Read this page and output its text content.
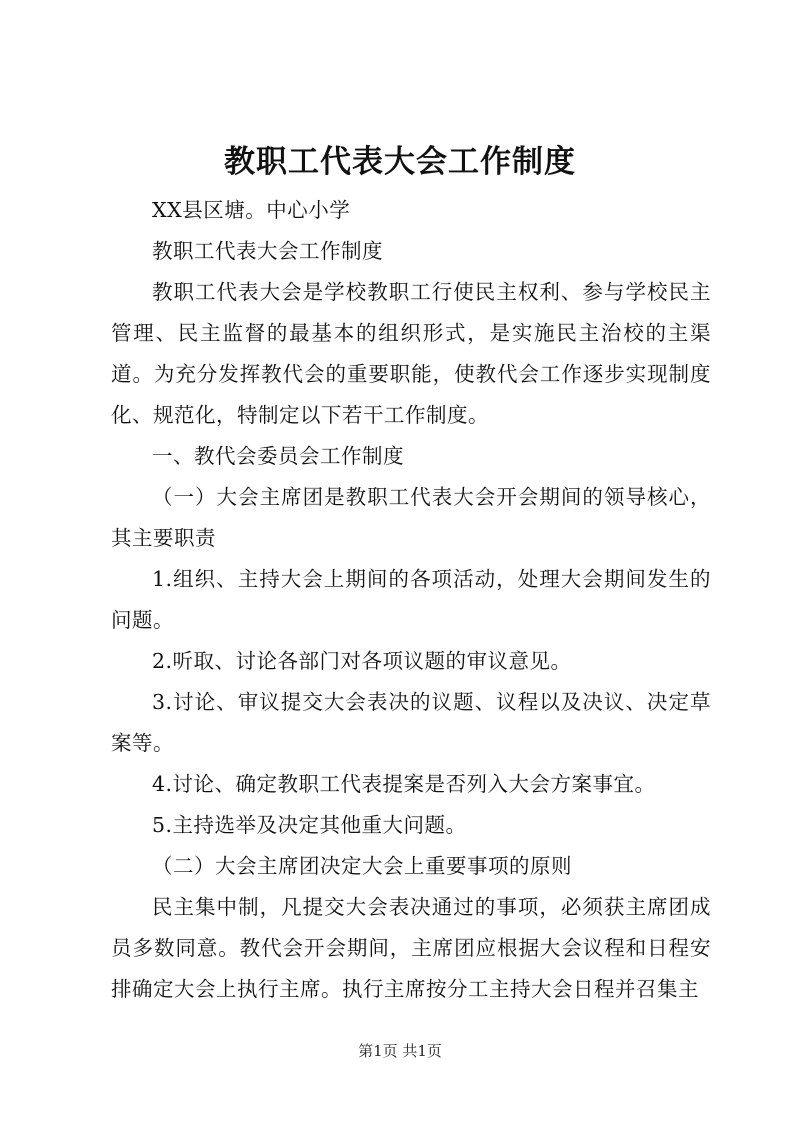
教职工代表大会工作制度

XX县区塘。中心小学

教职工代表大会工作制度

教职工代表大会是学校教职工行使民主权利、参与学校民主管理、民主监督的最基本的组织形式，是实施民主治校的主渠道。为充分发挥教代会的重要职能，使教代会工作逐步实现制度化、规范化，特制定以下若干工作制度。

一、教代会委员会工作制度

（一）大会主席团是教职工代表大会开会期间的领导核心，其主要职责

1.组织、主持大会上期间的各项活动，处理大会期间发生的问题。

2.听取、讨论各部门对各项议题的审议意见。

3.讨论、审议提交大会表决的议题、议程以及决议、决定草案等。

4.讨论、确定教职工代表提案是否列入大会方案事宜。

5.主持选举及决定其他重大问题。

（二）大会主席团决定大会上重要事项的原则

民主集中制，凡提交大会表决通过的事项，必须获主席团成员多数同意。教代会开会期间，主席团应根据大会议程和日程安排确定大会上执行主席。执行主席按分工主持大会日程并召集主

第1页 共1页
